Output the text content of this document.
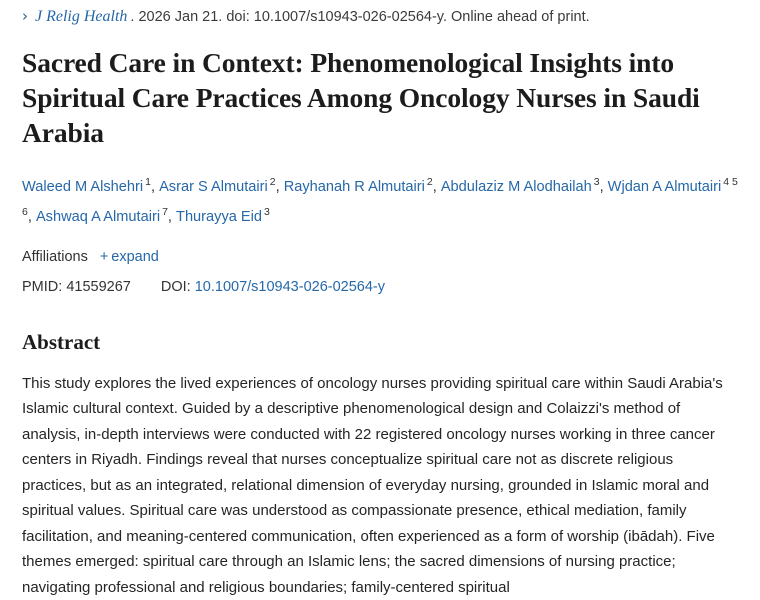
› J Relig Health . 2026 Jan 21. doi: 10.1007/s10943-026-02564-y. Online ahead of print.
Sacred Care in Context: Phenomenological Insights into Spiritual Care Practices Among Oncology Nurses in Saudi Arabia
Waleed M Alshehri $^1$, Asrar S Almutairi $^2$, Rayhanah R Almutairi $^2$, Abdulaziz M Alodhailah $^3$, Wjdan A Almutairi $^{4 5 6}$, Ashwaq A Almutairi $^7$, Thurayya Eid $^3$
Affiliations + expand
PMID: 41559267 DOI: 10.1007/s10943-026-02564-y
Abstract
This study explores the lived experiences of oncology nurses providing spiritual care within Saudi Arabia's Islamic cultural context. Guided by a descriptive phenomenological design and Colaizzi's method of analysis, in-depth interviews were conducted with 22 registered oncology nurses working in three cancer centers in Riyadh. Findings reveal that nurses conceptualize spiritual care not as discrete religious practices, but as an integrated, relational dimension of everyday nursing, grounded in Islamic moral and spiritual values. Spiritual care was understood as compassionate presence, ethical mediation, family facilitation, and meaning-centered communication, often experienced as a form of worship (ibādah). Five themes emerged: spiritual care through an Islamic lens; the sacred dimensions of nursing practice; navigating professional and religious boundaries; family-centered spiritual
